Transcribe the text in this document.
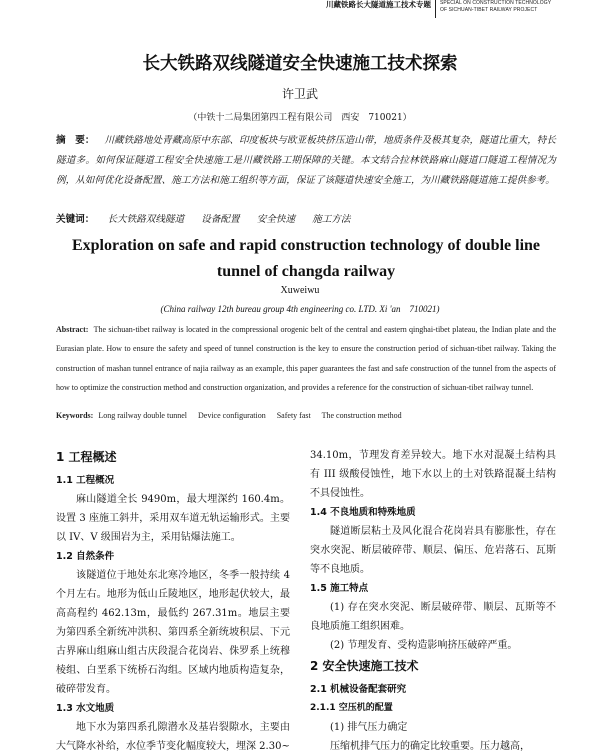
川藏铁路长大隧道施工技术专题 SPECIAL ON CONSTRUCTION TECHNOLOGY OF SICHUAN-TIBET RAILWAY PROJECT
长大铁路双线隧道安全快速施工技术探索
许卫武
（中铁十二局集团第四工程有限公司　西安　710021）
摘　要： 川藏铁路地处青藏高原中东部、印度板块与欧亚板块挤压造山带，地质条件及极其复杂，隧道比重大，特长隧道多。如何保证隧道工程安全快速施工是川藏铁路工期保障的关键。本文结合拉林铁路麻山隧道口隧道工程情况为例，从如何优化设备配置、施工方法和施工组织等方面，保证了该隧道快速安全施工，为川藏铁路隧道施工提供参考。
关键词： 长大铁路双线隧道 设备配置 安全快速 施工方法
Exploration on safe and rapid construction technology of double line tunnel of changda railway
Xuweiwu
(China railway 12th bureau group 4th engineering co. LTD. Xi 'an　710021)
Abstract: The sichuan-tibet railway is located in the compressional orogenic belt of the central and eastern qinghai-tibet plateau, the Indian plate and the Eurasian plate. How to ensure the safety and speed of tunnel construction is the key to ensure the construction period of sichuan-tibet railway. Taking the construction of mashan tunnel entrance of najia railway as an example, this paper guarantees the fast and safe construction of the tunnel from the aspects of how to optimize the construction method and construction organization, and provides a reference for the construction of sichuan-tibet railway tunnel.
Keywords: Long railway double tunnel Device configuration Safety fast The construction method
1 工程概述
1.1 工程概况

麻山隧道全长 9490m，最大埋深约 160.4m。设置 3 座施工斜井，采用双车道无轨运输形式。主要以 IV、V 级围岩为主，采用钻爆法施工。

1.2 自然条件

该隧道位于地处东北寒冷地区，冬季一般持续 4 个月左右。地形为低山丘陵地区，地形起伏较大，最高高程约 462.13m，最低约 267.31m。地层主要为第四系全新统冲洪积、第四系全新统坡积层、下元古界麻山组麻山组古庆段混合花岗岩、侏罗系上统穆棱组、白垩系下统桥石沟组。区域内地质构造复杂，破碎带发育。

1.3 水文地质

地下水为第四系孔隙潜水及基岩裂隙水，主要由大气降水补给，水位季节变化幅度较大，埋深 2.30~

34.10m，节理发育差异较大。地下水对混凝土结构具有 III 级酸侵蚀性，地下水以上的土对铁路混凝土结构不具侵蚀性。

1.4 不良地质和特殊地质

隧道断层粘土及风化混合花岗岩具有膨胀性，存在突水突泥、断层破碎带、顺层、偏压、危岩落石、瓦斯等不良地质。

1.5 施工特点

(1) 存在突水突泥、断层破碎带、顺层、瓦斯等不良地质施工组织困难。

(2) 节理发育、受构造影响挤压破碎严重。

2 安全快速施工技术
2.1 机械设备配套研究
2.1.1 空压机的配置

(1) 排气压力确定

压缩机排气压力的确定比较重要。压力越高，
